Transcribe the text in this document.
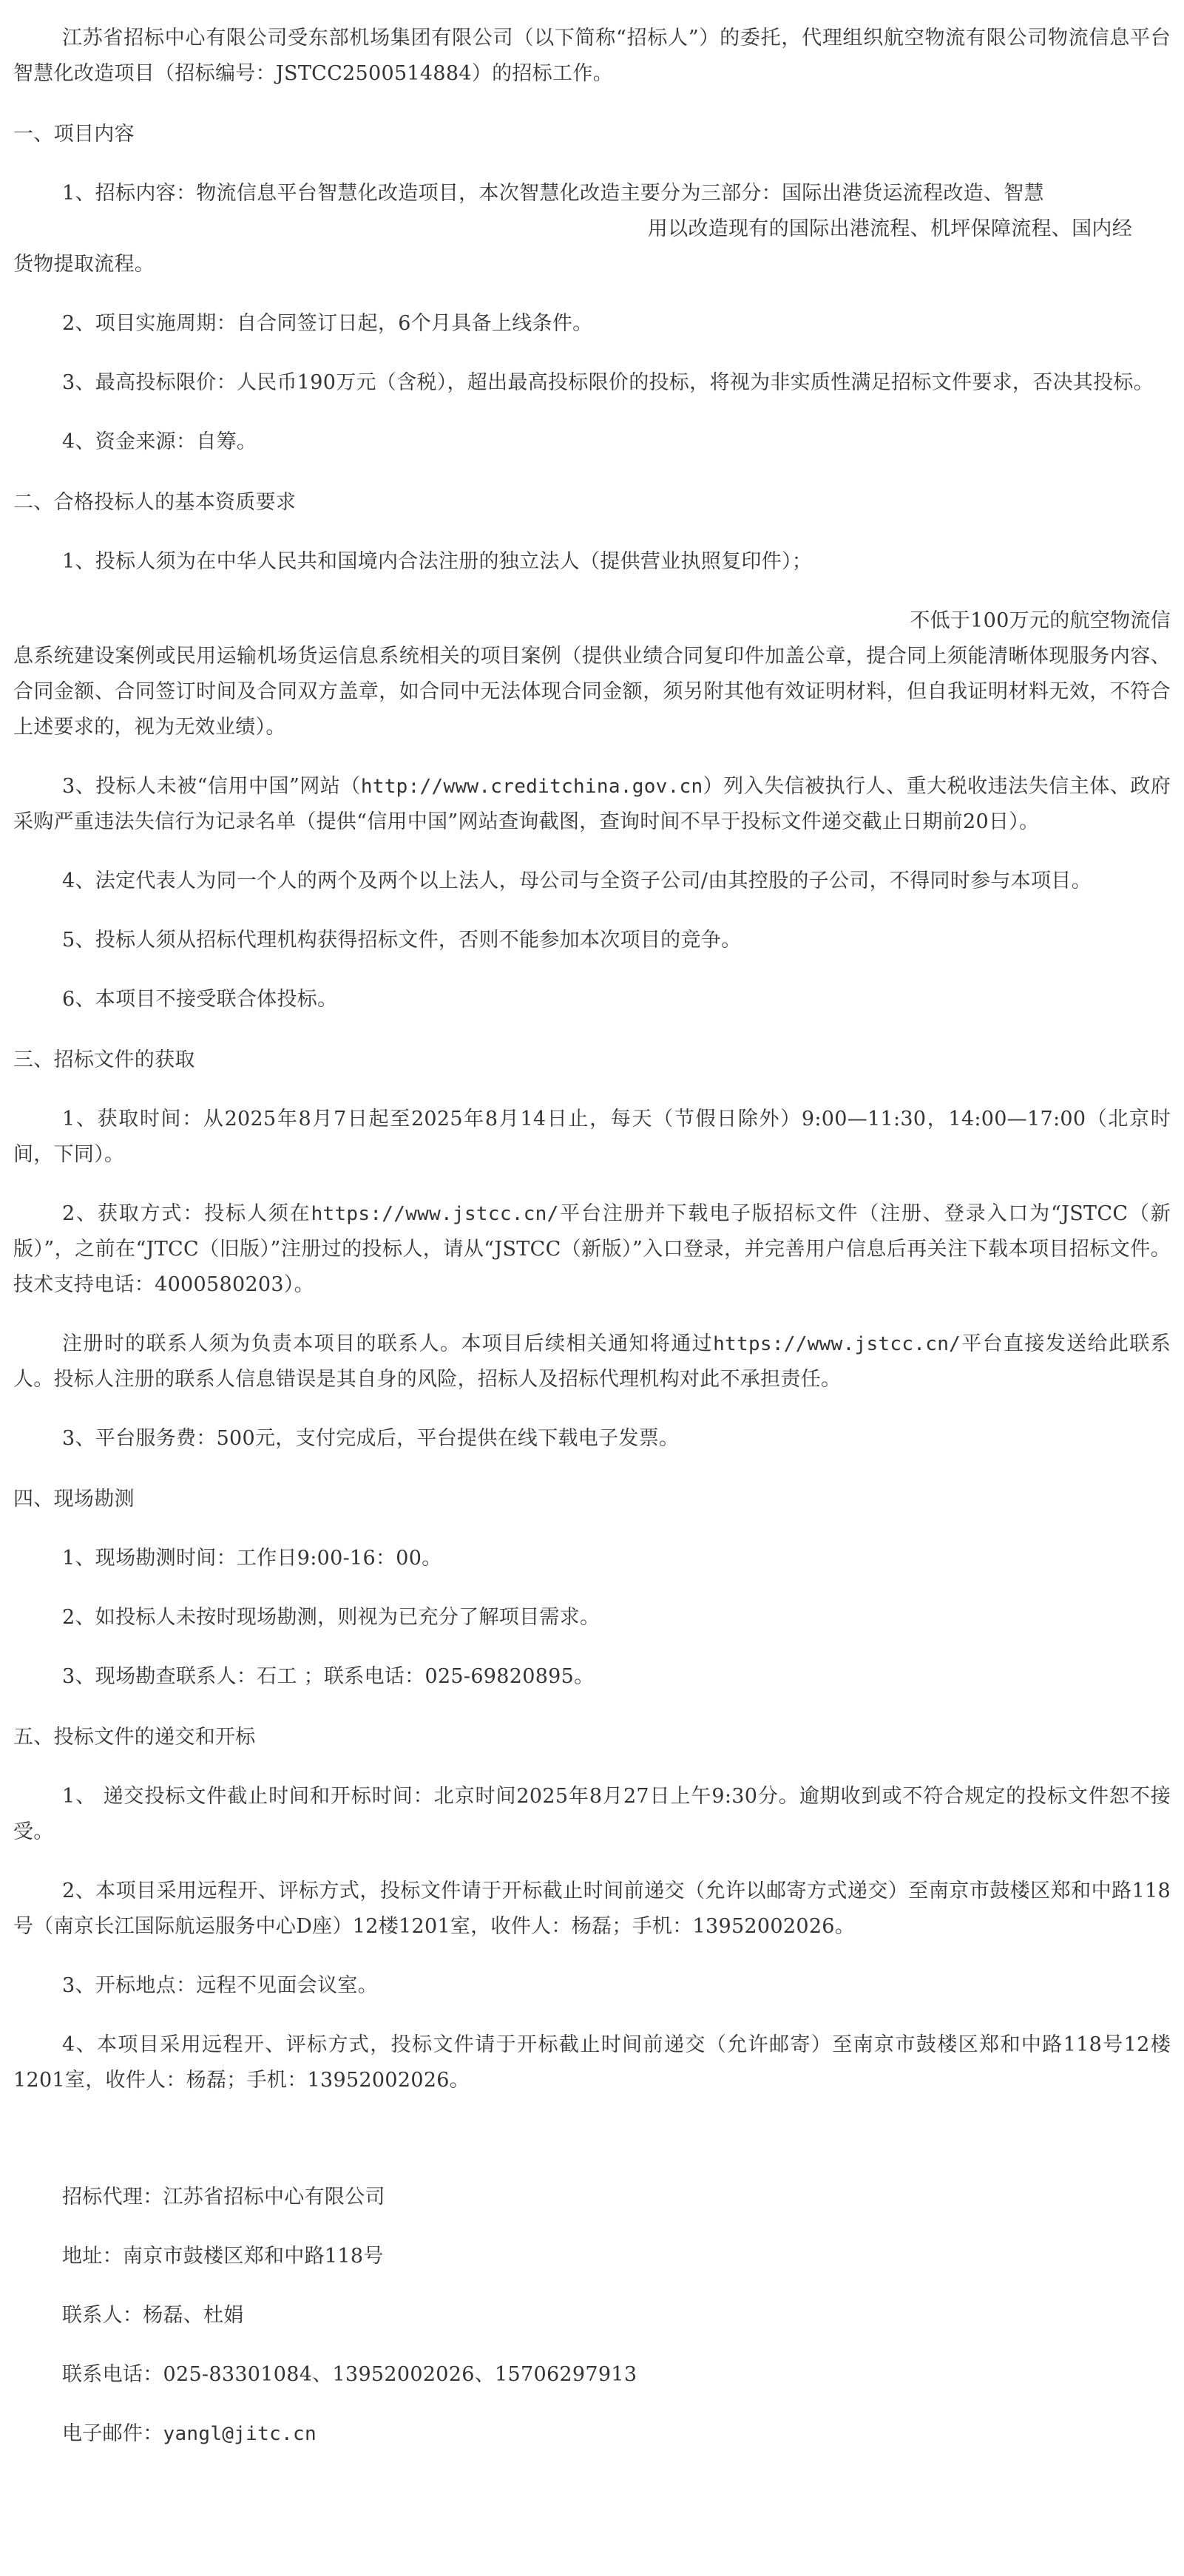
江苏省招标中心有限公司受东部机场集团有限公司（以下简称“招标人”）的委托，代理组织航空物流有限公司物流信息平台智慧化改造项目（招标编号：JSTCC2500514884）的招标工作。

一、项目内容

1、招标内容：物流信息平台智慧化改造项目，本次智慧化改造主要分为三部分：国际出港货运流程改造、智慧

用以改造现有的国际出港流程、机坪保障流程、国内经

货物提取流程。

2、项目实施周期：自合同签订日起，6个月具备上线条件。

3、最高投标限价：人民币190万元（含税），超出最高投标限价的投标，将视为非实质性满足招标文件要求，否决其投标。

4、资金来源：自筹。

二、合格投标人的基本资质要求

1、投标人须为在中华人民共和国境内合法注册的独立法人（提供营业执照复印件）；

不低于100万元的航空物流信

息系统建设案例或民用运输机场货运信息系统相关的项目案例（提供业绩合同复印件加盖公章，提合同上须能清晰体现服务内容、合同金额、合同签订时间及合同双方盖章，如合同中无法体现合同金额，须另附其他有效证明材料，但自我证明材料无效，不符合上述要求的，视为无效业绩）。

3、投标人未被“信用中国”网站（http://www.creditchina.gov.cn）列入失信被执行人、重大税收违法失信主体、政府采购严重违法失信行为记录名单（提供“信用中国”网站查询截图，查询时间不早于投标文件递交截止日期前20日）。

4、法定代表人为同一个人的两个及两个以上法人，母公司与全资子公司/由其控股的子公司，不得同时参与本项目。

5、投标人须从招标代理机构获得招标文件，否则不能参加本次项目的竞争。

6、本项目不接受联合体投标。

三、招标文件的获取

1、获取时间：从2025年8月7日起至2025年8月14日止，每天（节假日除外）9:00—11:30，14:00—17:00（北京时间，下同）。

2、获取方式：投标人须在https://www.jstcc.cn/平台注册并下载电子版招标文件（注册、登录入口为“JSTCC（新版）”，之前在“JTCC（旧版）”注册过的投标人，请从“JSTCC（新版）”入口登录，并完善用户信息后再关注下载本项目招标文件。技术支持电话：4000580203）。

注册时的联系人须为负责本项目的联系人。本项目后续相关通知将通过https://www.jstcc.cn/平台直接发送给此联系人。投标人注册的联系人信息错误是其自身的风险，招标人及招标代理机构对此不承担责任。

3、平台服务费：500元，支付完成后，平台提供在线下载电子发票。

四、现场勘测

1、现场勘测时间：工作日9:00-16：00。

2、如投标人未按时现场勘测，则视为已充分了解项目需求。

3、现场勘查联系人：石工 ；联系电话：025-69820895。

五、投标文件的递交和开标

1、 递交投标文件截止时间和开标时间：北京时间2025年8月27日上午9:30分。逾期收到或不符合规定的投标文件恕不接受。

2、本项目采用远程开、评标方式，投标文件请于开标截止时间前递交（允许以邮寄方式递交）至南京市鼓楼区郑和中路118号（南京长江国际航运服务中心D座）12楼1201室，收件人：杨磊；手机：13952002026。

3、开标地点：远程不见面会议室。

4、本项目采用远程开、评标方式，投标文件请于开标截止时间前递交（允许邮寄）至南京市鼓楼区郑和中路118号12楼1201室，收件人：杨磊；手机：13952002026。

招标代理：江苏省招标中心有限公司

地址：南京市鼓楼区郑和中路118号

联系人：杨磊、杜娟

联系电话：025-83301084、13952002026、15706297913

电子邮件：yangl@jitc.cn
